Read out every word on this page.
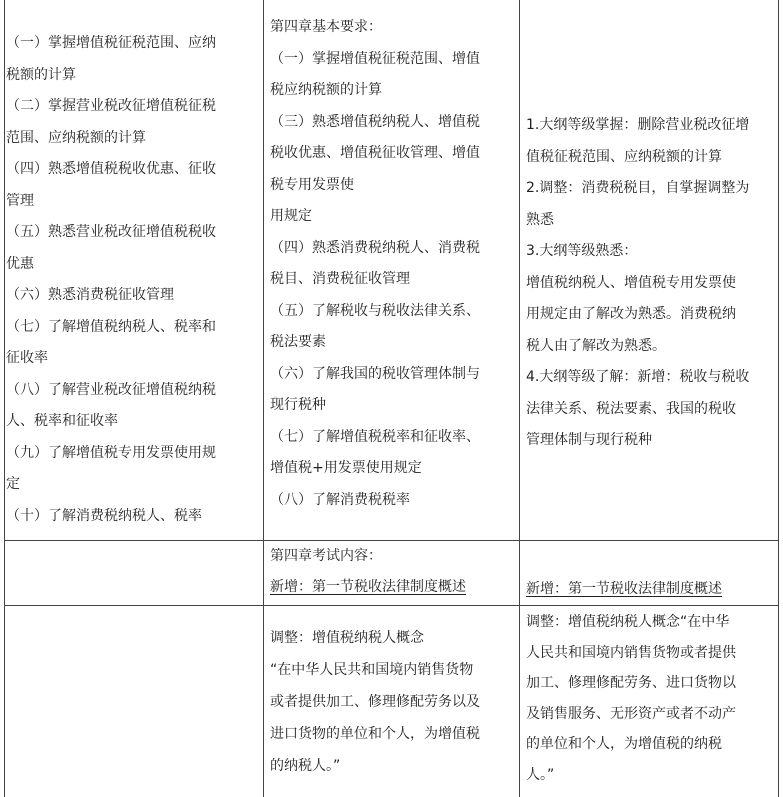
（一）掌握增值税征税范围、应纳
税额的计算
（二）掌握营业税改征增值税征税
范围、应纳税额的计算
（四）熟悉增值税税收优惠、征收
管理
（五）熟悉营业税改征增值税税收
优惠
（六）熟悉消费税征收管理
（七）了解增值税纳税人、税率和
征收率
（八）了解营业税改征增值税纳税
人、税率和征收率
（九）了解增值税专用发票使用规
定
（十）了解消费税纳税人、税率
第四章基本要求：
（一）掌握增值税征税范围、增值
税应纳税额的计算
（三）熟悉增值税纳税人、增值税
税收优惠、增值税征收管理、增值
税专用发票使
用规定
（四）熟悉消费税纳税人、消费税
税目、消费税征收管理
（五）了解税收与税收法律关系、
税法要素
（六）了解我国的税收管理体制与
现行税种
（七）了解增值税税率和征收率、
增值税+用发票使用规定
（八）了解消费税税率
1.大纲等级掌握：删除营业税改征增
值税征税范围、应纳税额的计算
2.调整：消费税税目，自掌握调整为
熟悉
3.大纲等级熟悉：
增值税纳税人、增值税专用发票使
用规定由了解改为熟悉。消费税纳
税人由了解改为熟悉。
4.大纲等级了解：新增：税收与税收
法律关系、税法要素、我国的税收
管理体制与现行税种
第四章考试内容：
新增：第一节税收法律制度概述	新增：第一节税收法律制度概述
调整：增值税纳税人概念
“在中华人民共和国境内销售货物
或者提供加工、修理修配劳务以及
进口货物的单位和个人，为增值税
的纳税人。”
调整：增值税纳税人概念“在中华
人民共和国境内销售货物或者提供
加工、修理修配劳务、进口货物以
及销售服务、无形资产或者不动产
的单位和个人，为增值税的纳税
人。”
